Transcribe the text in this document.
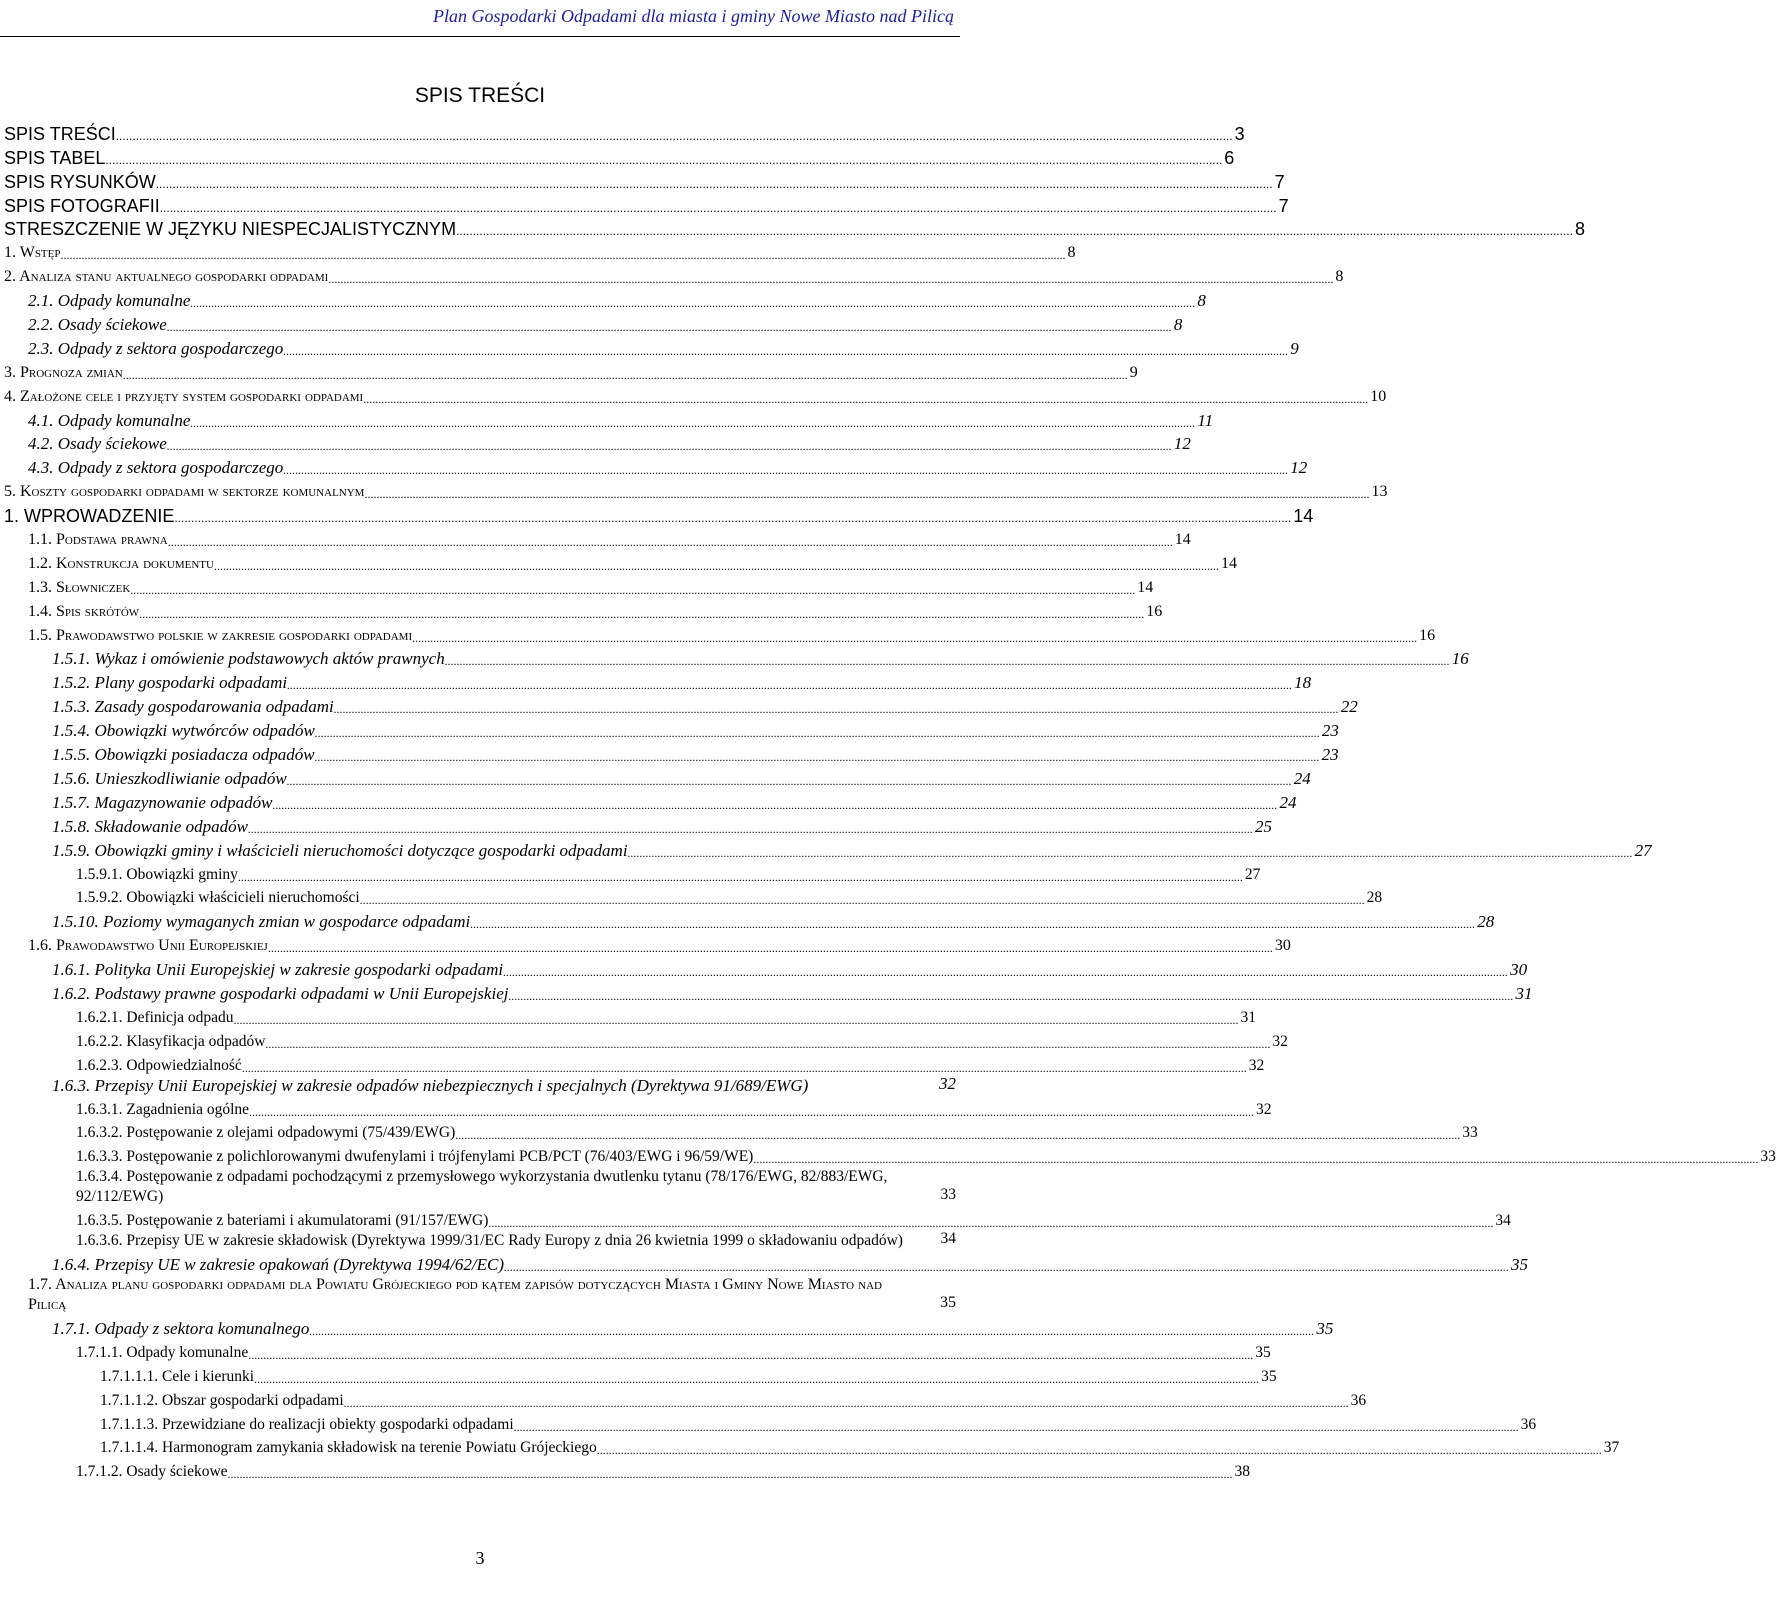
Plan Gospodarki Odpadami dla miasta i gminy Nowe Miasto nad Pilicą
SPIS TREŚCI
SPIS TREŚCI .....	3
SPIS TABEL .....	6
SPIS RYSUNKÓW .....	7
SPIS FOTOGRAFII .....	7
STRESZCZENIE W JĘZYKU NIESPECJALISTYCZNYM .....	8
1. Wstęp .....	8
2. Analiza stanu aktualnego gospodarki odpadami .....	8
2.1. Odpady komunalne .....	8
2.2. Osady ściekowe .....	8
2.3. Odpady z sektora gospodarczego .....	9
3. Prognoza zmian .....	9
4. Założone cele i przyjęty system gospodarki odpadami .....	10
4.1. Odpady komunalne .....	11
4.2. Osady ściekowe .....	12
4.3. Odpady z sektora gospodarczego .....	12
5. Koszty gospodarki odpadami w sektorze komunalnym .....	13
1. WPROWADZENIE .....	14
1.1. Podstawa prawna .....	14
1.2. Konstrukcja dokumentu .....	14
1.3. Słowniczek .....	14
1.4. Spis skrótów .....	16
1.5. Prawodawstwo polskie w zakresie gospodarki odpadami .....	16
1.5.1. Wykaz i omówienie podstawowych aktów prawnych .....	16
1.5.2. Plany gospodarki odpadami .....	18
1.5.3. Zasady gospodarowania odpadami .....	22
1.5.4. Obowiązki wytwórców odpadów .....	23
1.5.5. Obowiązki posiadacza odpadów .....	23
1.5.6. Unieszkodliwianie odpadów .....	24
1.5.7. Magazynowanie odpadów .....	24
1.5.8. Składowanie odpadów .....	25
1.5.9. Obowiązki gminy i właścicieli nieruchomości dotyczące gospodarki odpadami .....	27
1.5.9.1. Obowiązki gminy .....	27
1.5.9.2. Obowiązki właścicieli nieruchomości .....	28
1.5.10. Poziomy wymaganych zmian w gospodarce odpadami .....	28
1.6. Prawodawstwo Unii Europejskiej .....	30
1.6.1. Polityka Unii Europejskiej w zakresie gospodarki odpadami .....	30
1.6.2. Podstawy prawne gospodarki odpadami w Unii Europejskiej .....	31
1.6.2.1. Definicja odpadu .....	31
1.6.2.2. Klasyfikacja odpadów .....	32
1.6.2.3. Odpowiedzialność .....	32
1.6.3. Przepisy Unii Europejskiej w zakresie odpadów niebezpiecznych i specjalnych (Dyrektywa 91/689/EWG)	32
1.6.3.1. Zagadnienia ogólne .....	32
1.6.3.2. Postępowanie z olejami odpadowymi (75/439/EWG) .....	33
1.6.3.3. Postępowanie z polichlorowanymi dwufenylami i trójfenylami PCB/PCT (76/403/EWG i 96/59/WE) .....	33
1.6.3.4. Postępowanie z odpadami pochodzącymi z przemysłowego wykorzystania dwutlenku tytanu (78/176/EWG, 82/883/EWG, 92/112/EWG)	33
1.6.3.5. Postępowanie z bateriami i akumulatorami (91/157/EWG) .....	34
1.6.3.6. Przepisy UE w zakresie składowisk (Dyrektywa 1999/31/EC Rady Europy z dnia 26 kwietnia 1999 o składowaniu odpadów) 34
1.6.4. Przepisy UE w zakresie opakowań (Dyrektywa 1994/62/EC) .....	35
1.7. Analiza planu gospodarki odpadami dla Powiatu Grójeckiego pod kątem zapisów dotyczących Miasta i Gminy Nowe Miasto nad Pilicą	35
1.7.1. Odpady z sektora komunalnego .....	35
1.7.1.1. Odpady komunalne .....	35
1.7.1.1.1. Cele i kierunki .....	35
1.7.1.1.2. Obszar gospodarki odpadami .....	36
1.7.1.1.3. Przewidziane do realizacji obiekty gospodarki odpadami .....	36
1.7.1.1.4. Harmonogram zamykania składowisk na terenie Powiatu Grójeckiego .....	37
1.7.1.2. Osady ściekowe .....	38
3
